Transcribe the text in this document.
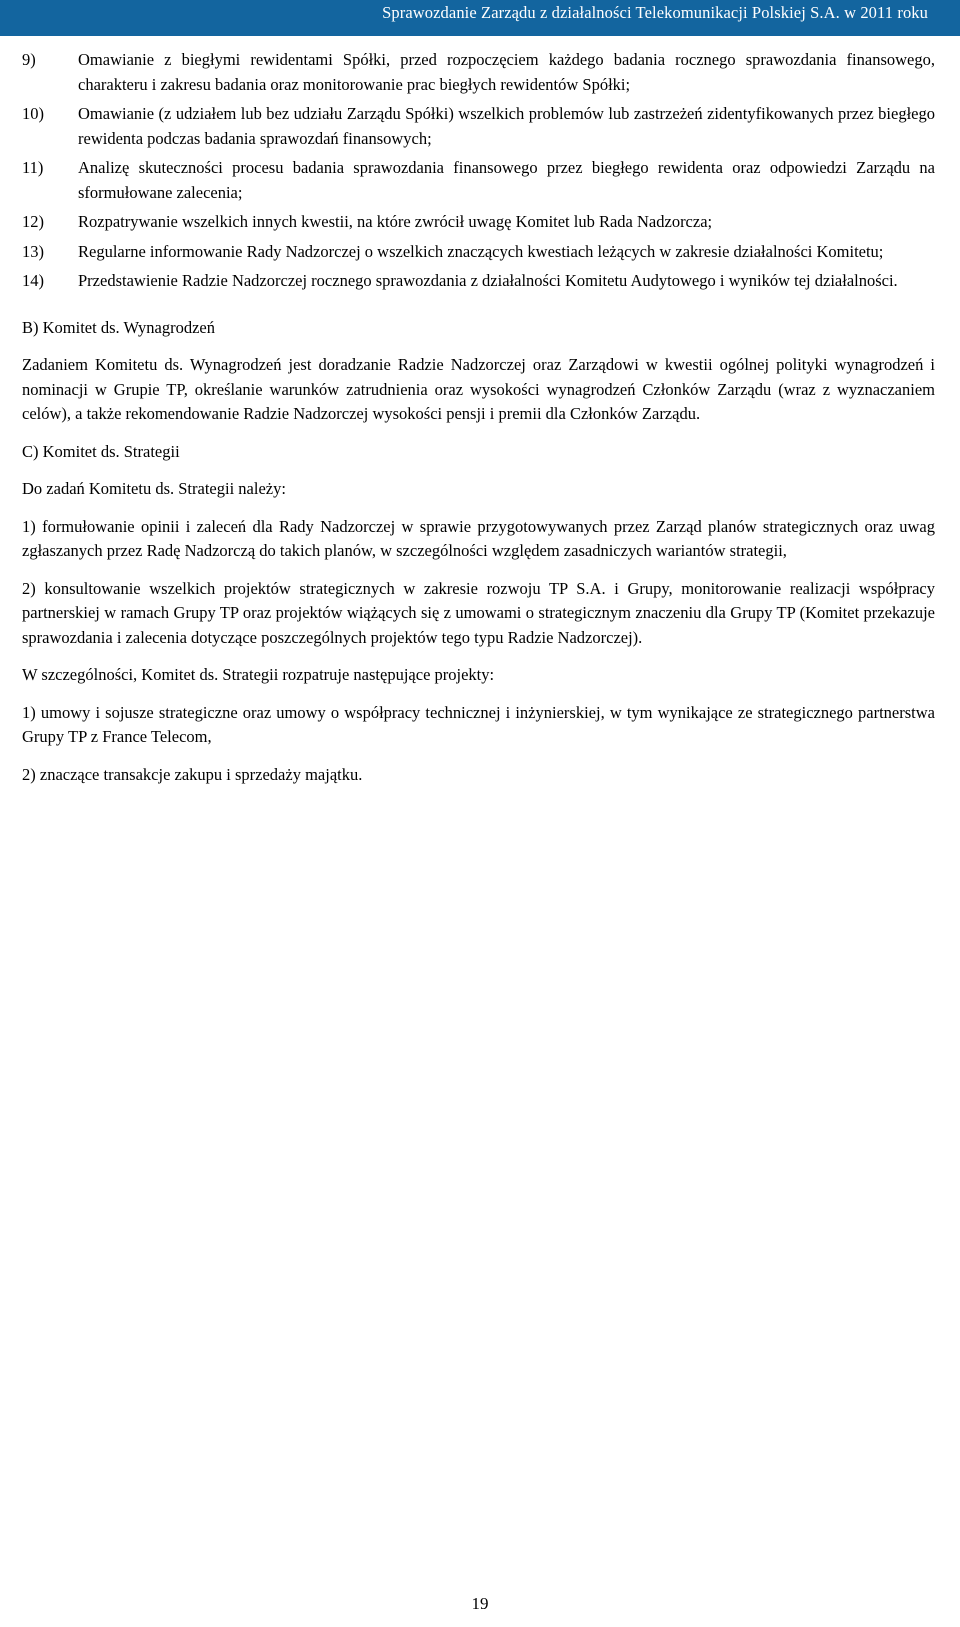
Sprawozdanie Zarządu z działalności Telekomunikacji Polskiej S.A. w 2011 roku
9)	Omawianie z biegłymi rewidentami Spółki, przed rozpoczęciem każdego badania rocznego sprawozdania finansowego, charakteru i zakresu badania oraz monitorowanie prac biegłych rewidentów Spółki;
10)	Omawianie (z udziałem lub bez udziału Zarządu Spółki) wszelkich problemów lub zastrzeżeń zidentyfikowanych przez biegłego rewidenta podczas badania sprawozdań finansowych;
11)	Analizę skuteczności procesu badania sprawozdania finansowego przez biegłego rewidenta oraz odpowiedzi Zarządu na sformułowane zalecenia;
12)	Rozpatrywanie wszelkich innych kwestii, na które zwrócił uwagę Komitet lub Rada Nadzorcza;
13)	Regularne informowanie Rady Nadzorczej o wszelkich znaczących kwestiach leżących w zakresie działalności Komitetu;
14)	Przedstawienie Radzie Nadzorczej rocznego sprawozdania z działalności Komitetu Audytowego i wyników tej działalności.

B) Komitet ds. Wynagrodzeń

Zadaniem Komitetu ds. Wynagrodzeń jest doradzanie Radzie Nadzorczej oraz Zarządowi w kwestii ogólnej polityki wynagrodzeń i nominacji w Grupie TP, określanie warunków zatrudnienia oraz wysokości wynagrodzeń Członków Zarządu (wraz z wyznaczaniem celów), a także rekomendowanie Radzie Nadzorczej wysokości pensji i premii dla Członków Zarządu.

C) Komitet ds. Strategii

Do zadań Komitetu ds. Strategii należy:

1) formułowanie opinii i zaleceń dla Rady Nadzorczej w sprawie przygotowywanych przez Zarząd planów strategicznych oraz uwag zgłaszanych przez Radę Nadzorczą do takich planów, w szczególności względem zasadniczych wariantów strategii,

2) konsultowanie wszelkich projektów strategicznych w zakresie rozwoju TP S.A. i Grupy, monitorowanie realizacji współpracy partnerskiej w ramach Grupy TP oraz projektów wiążących się z umowami o strategicznym znaczeniu dla Grupy TP (Komitet przekazuje sprawozdania i zalecenia dotyczące poszczególnych projektów tego typu Radzie Nadzorczej).

W szczególności, Komitet ds. Strategii rozpatruje następujące projekty:

1) umowy i sojusze strategiczne oraz umowy o współpracy technicznej i inżynierskiej, w tym wynikające ze strategicznego partnerstwa Grupy TP z France Telecom,

2) znaczące transakcje zakupu i sprzedaży majątku.

19
